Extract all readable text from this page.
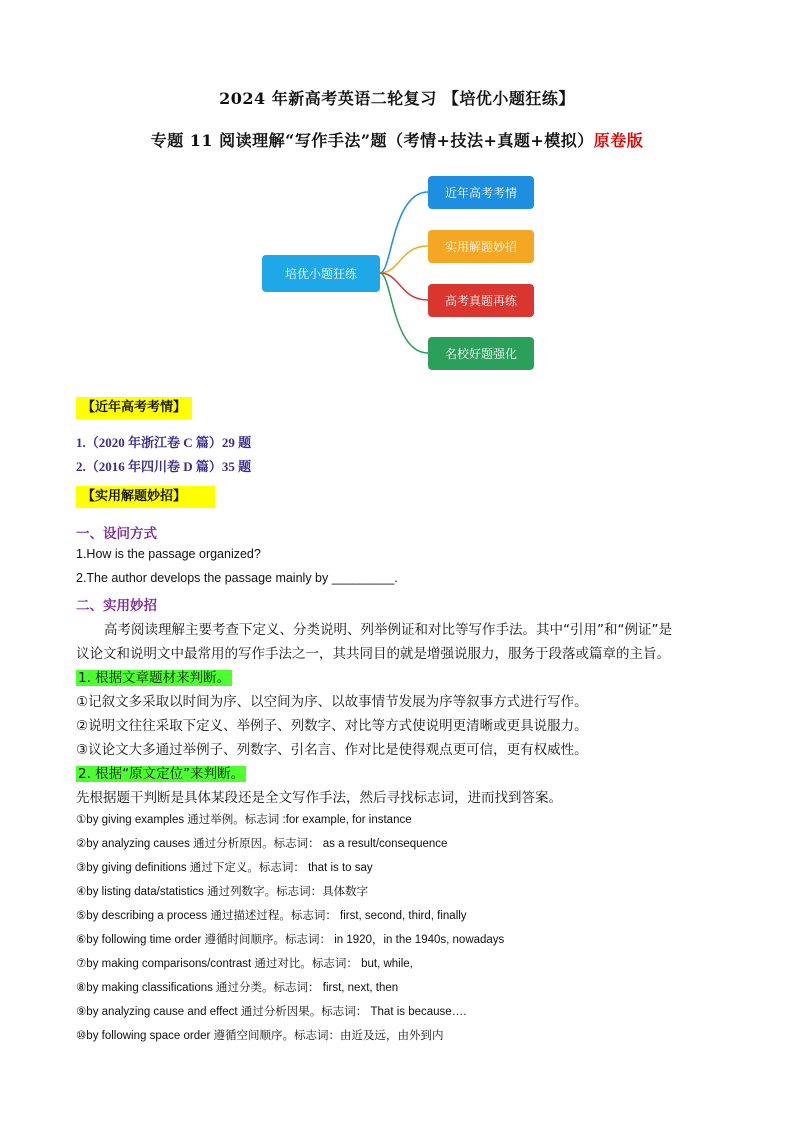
2024 年新高考英语二轮复习 【培优小题狂练】
专题 11 阅读理解“写作手法”题（考情+技法+真题+模拟）原卷版
培优小题狂练
近年高考考情
实用解题妙招
高考真题再练
名校好题强化
【近年高考考情】
1.（2020 年浙江卷 C 篇）29 题
2.（2016 年四川卷 D 篇）35 题
【实用解题妙招】
一、设问方式
1.How is the passage organized?
2.The author develops the passage mainly by _________.
二、实用妙招
高考阅读理解主要考查下定义、分类说明、列举例证和对比等写作手法。其中“引用”和“例证”是
议论文和说明文中最常用的写作手法之一，其共同目的就是增强说服力，服务于段落或篇章的主旨。
1. 根据文章题材来判断。
①记叙文多采取以时间为序、以空间为序、以故事情节发展为序等叙事方式进行写作。
②说明文往往采取下定义、举例子、列数字、对比等方式使说明更清晰或更具说服力。
③议论文大多通过举例子、列数字、引名言、作对比是使得观点更可信，更有权威性。
2. 根据“原文定位”来判断。
先根据题干判断是具体某段还是全文写作手法，然后寻找标志词，进而找到答案。
①by giving examples 通过举例。标志词 :for example, for instance
②by analyzing causes 通过分析原因。标志词： as a result/consequence
③by giving definitions 通过下定义。标志词： that is to say
④by listing data/statistics 通过列数字。标志词：具体数字
⑤by describing a process 通过描述过程。标志词： first, second, third, finally
⑥by following time order 遵循时间顺序。标志词： in 1920，in the 1940s, nowadays
⑦by making comparisons/contrast 通过对比。标志词： but, while,
⑧by making classifications 通过分类。标志词： first, next, then
⑨by analyzing cause and effect 通过分析因果。标志词： That is because….
⑩by following space order 遵循空间顺序。标志词：由近及远，由外到内
